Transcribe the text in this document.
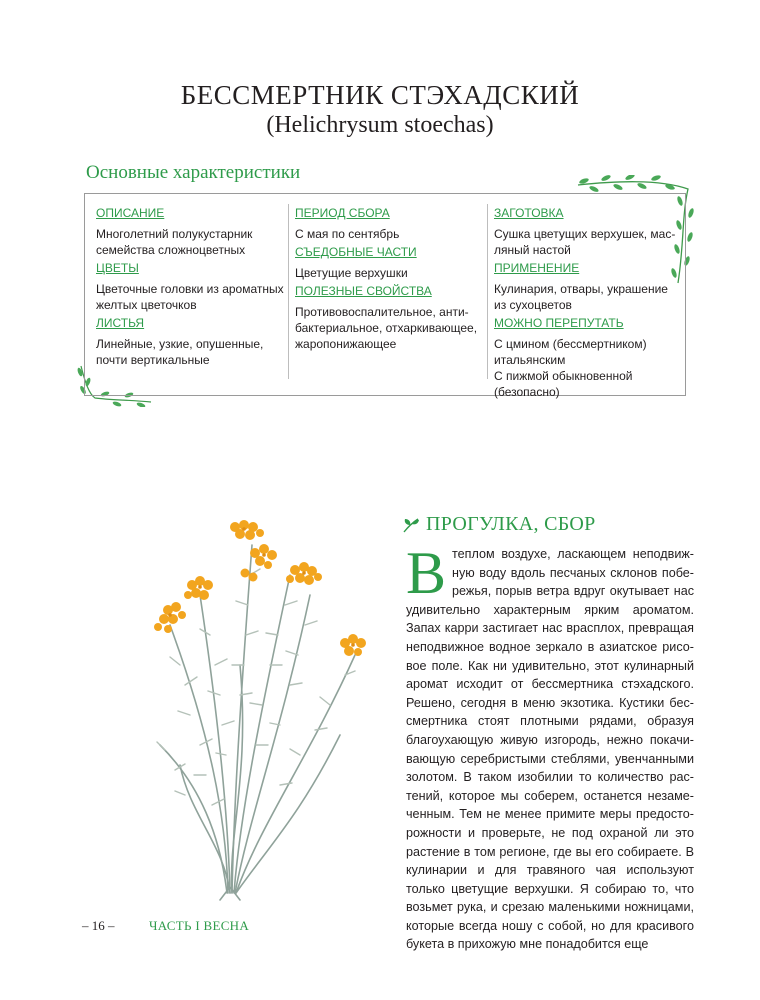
БЕССМЕРТНИК СТЭХАДСКИЙ
(Helichrysum stoechas)
Основные характеристики
ОПИСАНИЕ
Многолетний полукустарник семейства сложноцветных
ЦВЕТЫ
Цветочные головки из ароматных желтых цветочков
ЛИСТЬЯ
Линейные, узкие, опушенные, почти вертикальные
ПЕРИОД СБОРА
С мая по сентябрь
СЪЕДОБНЫЕ ЧАСТИ
Цветущие верхушки
ПОЛЕЗНЫЕ СВОЙСТВА
Противовоспалительное, антибактериальное, отхаркивающее, жаропонижающее
ЗАГОТОВКА
Сушка цветущих верхушек, масляный настой
ПРИМЕНЕНИЕ
Кулинария, отвары, украшение из сухоцветов
МОЖНО ПЕРЕПУТАТЬ
С цмином (бессмертником) итальянским
С пижмой обыкновенной (безопасно)
ПРОГУЛКА, СБОР
Втеплом воздухе, ласкающем неподвижную воду вдоль песчаных склонов побережья, порыв ветра вдруг окутывает нас удивительно характерным ярким ароматом. Запах карри застигает нас врасплох, превращая неподвижное водное зеркало в азиатское рисовое поле. Как ни удивительно, этот кулинарный аромат исходит от бессмертника стэхадского. Решено, сегодня в меню экзотика. Кустики бессмертника стоят плотными рядами, образуя благоухающую живую изгородь, нежно покачивающую серебристыми стеблями, увенчанными золотом. В таком изобилии то количество растений, которое мы соберем, останется незамеченным. Тем не менее примите меры предосторожности и проверьте, не под охраной ли это растение в том регионе, где вы его собираете. В кулинарии и для травяного чая используют только цветущие верхушки. Я собираю то, что возьмет рука, и срезаю маленькими ножницами, которые всегда ношу с собой, но для красивого букета в прихожую мне понадобится еще
– 16 –	ЧАСТЬ I ВЕСНА
